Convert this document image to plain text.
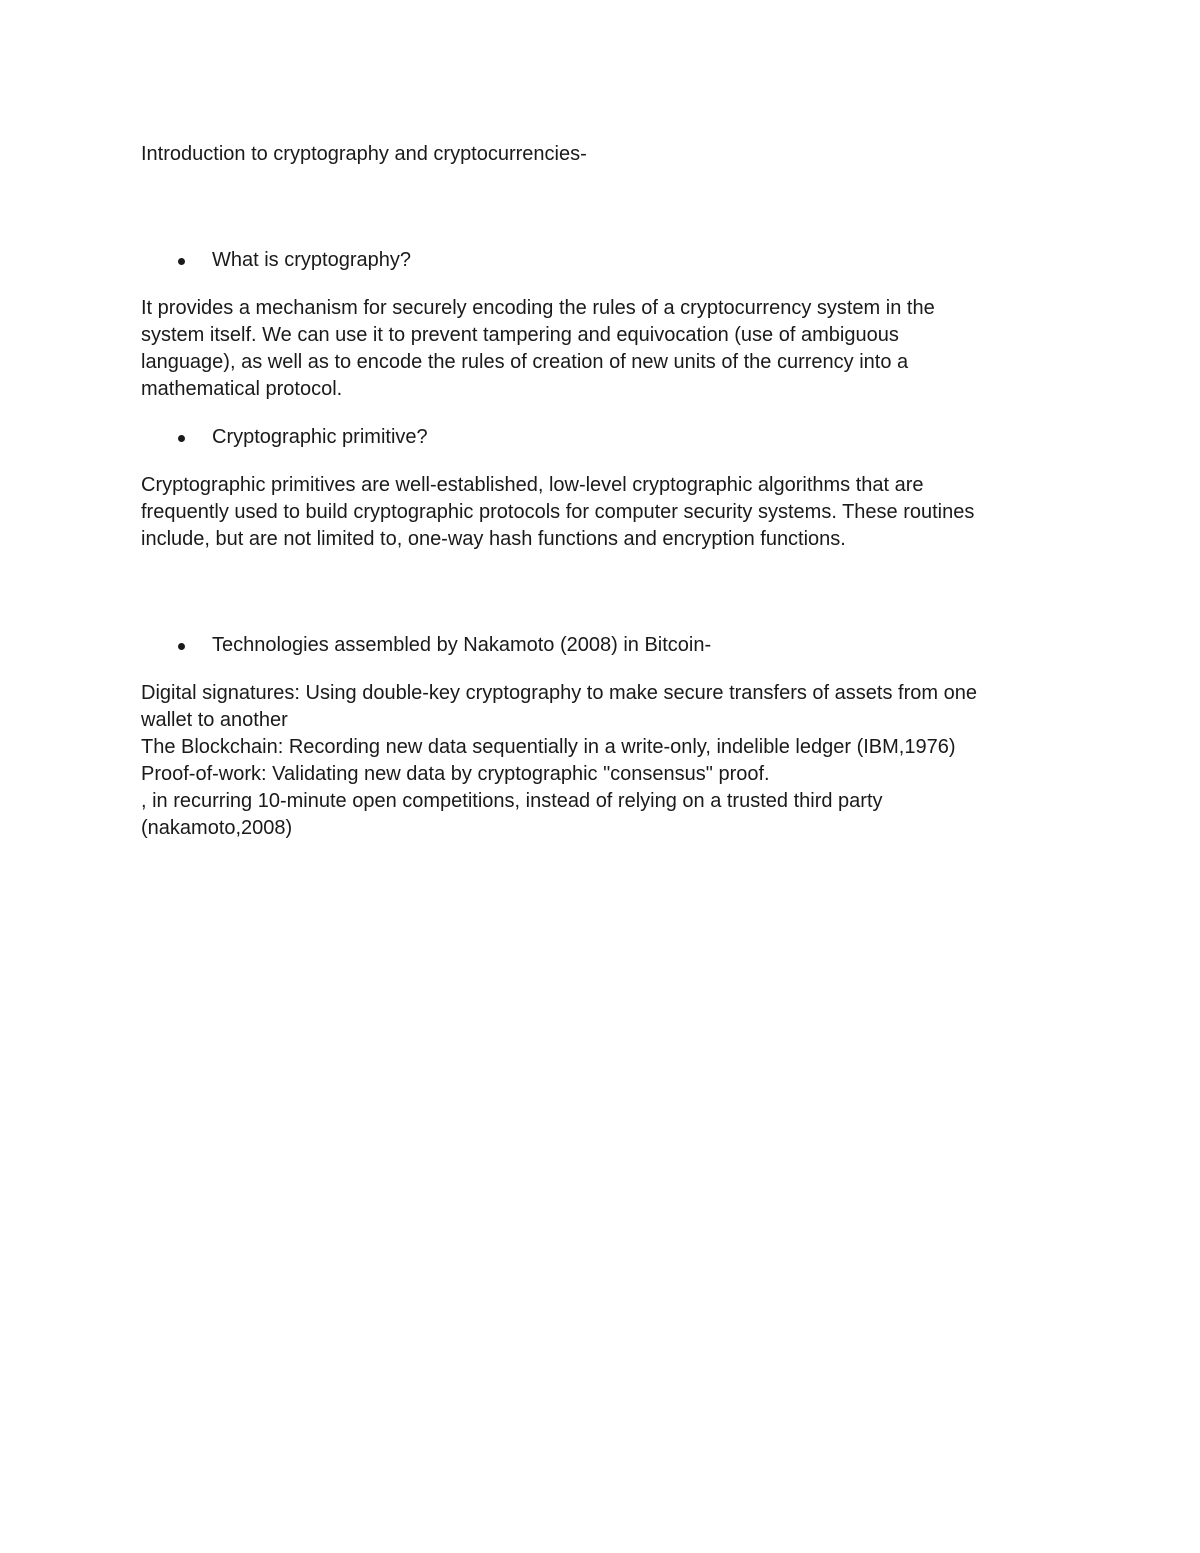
Introduction to cryptography and cryptocurrencies-

What is cryptography?
It provides a mechanism for securely encoding the rules of a cryptocurrency system in the
system itself. We can use it to prevent tampering and equivocation (use of ambiguous
language), as well as to encode the rules of creation of new units of the currency into a
mathematical protocol.
Cryptographic primitive?
Cryptographic primitives are well-established, low-level cryptographic algorithms that are
frequently used to build cryptographic protocols for computer security systems. These routines
include, but are not limited to, one-way hash functions and encryption functions.
Technologies assembled by Nakamoto (2008) in Bitcoin-
Digital signatures: Using double-key cryptography to make secure transfers of assets from one
wallet to another
The Blockchain: Recording new data sequentially in a write-only, indelible ledger (IBM,1976)
Proof-of-work: Validating new data by cryptographic "consensus" proof.
, in recurring 10-minute open competitions, instead of relying on a trusted third party
(nakamoto,2008)
